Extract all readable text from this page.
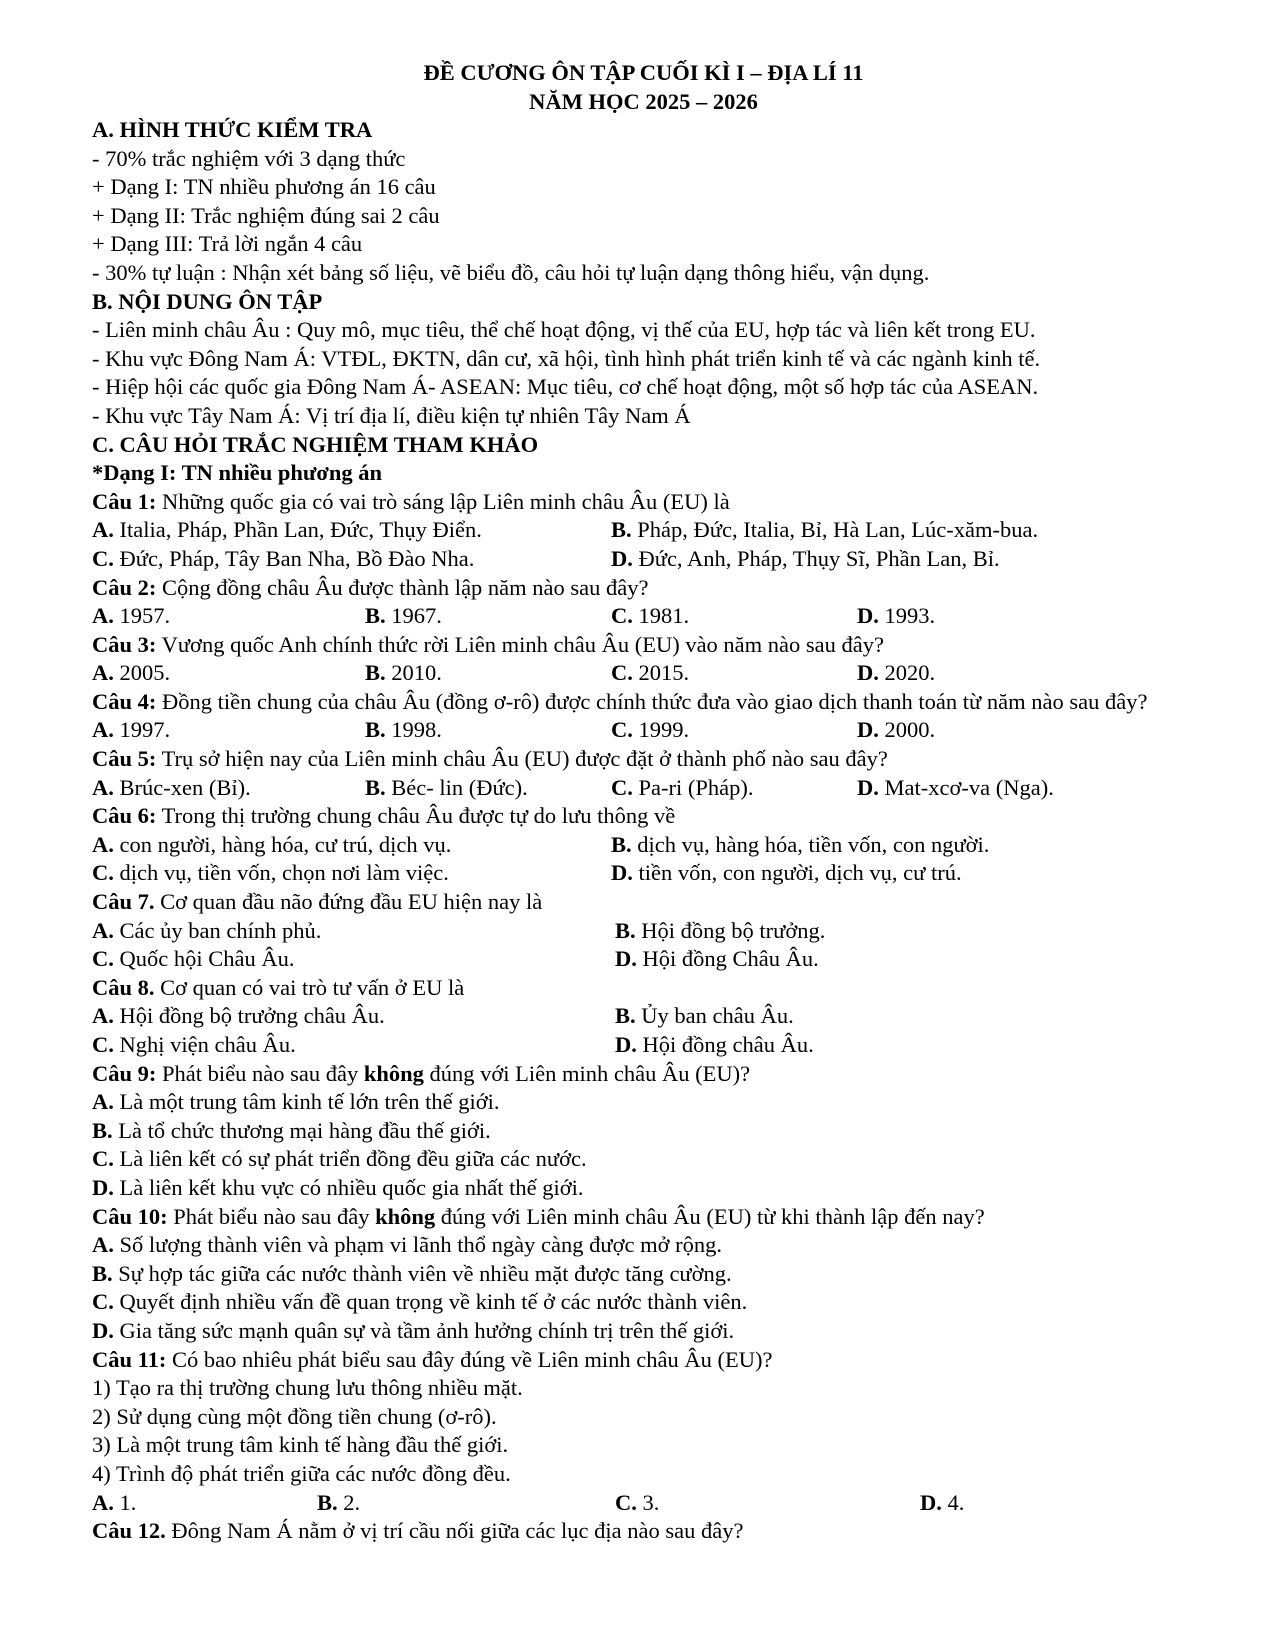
ĐỀ CƯƠNG ÔN TẬP CUỐI KÌ I – ĐỊA LÍ 11
NĂM HỌC 2025 – 2026
A. HÌNH THỨC KIỂM TRA
- 70% trắc nghiệm với 3 dạng thức
+ Dạng I: TN nhiều phương án 16 câu
+ Dạng II: Trắc nghiệm đúng sai 2 câu
+ Dạng III: Trả lời ngắn 4 câu
- 30% tự luận : Nhận xét bảng số liệu, vẽ biểu đồ, câu hỏi tự luận dạng thông hiểu, vận dụng.
B. NỘI DUNG ÔN TẬP
- Liên minh châu Âu : Quy mô, mục tiêu, thể chế hoạt động, vị thế của EU, hợp tác và liên kết trong EU.
- Khu vực Đông Nam Á: VTĐL, ĐKTN, dân cư, xã hội, tình hình phát triển kinh tế và các ngành kinh tế.
- Hiệp hội các quốc gia Đông Nam Á- ASEAN: Mục tiêu, cơ chế hoạt động, một số hợp tác của ASEAN.
- Khu vực Tây Nam Á: Vị trí địa lí, điều kiện tự nhiên Tây Nam Á
C. CÂU HỎI TRẮC NGHIỆM THAM KHẢO
*Dạng I: TN nhiều phương án
Câu 1: Những quốc gia có vai trò sáng lập Liên minh châu Âu (EU) là
A. Italia, Pháp, Phần Lan, Đức, Thụy Điển.	B. Pháp, Đức, Italia, Bỉ, Hà Lan, Lúc-xăm-bua.
C. Đức, Pháp, Tây Ban Nha, Bồ Đào Nha.	D. Đức, Anh, Pháp, Thụy Sĩ, Phần Lan, Bỉ.
Câu 2: Cộng đồng châu Âu được thành lập năm nào sau đây?
A. 1957.	B. 1967.	C. 1981.	D. 1993.
Câu 3: Vương quốc Anh chính thức rời Liên minh châu Âu (EU) vào năm nào sau đây?
A. 2005.	B. 2010.	C. 2015.	D. 2020.
Câu 4: Đồng tiền chung của châu Âu (đồng ơ-rô) được chính thức đưa vào giao dịch thanh toán từ năm nào sau đây?
A. 1997.	B. 1998.	C. 1999.	D. 2000.
Câu 5: Trụ sở hiện nay của Liên minh châu Âu (EU) được đặt ở thành phố nào sau đây?
A. Brúc-xen (Bỉ).	B. Béc- lin (Đức).	C. Pa-ri (Pháp).	D. Mat-xcơ-va (Nga).
Câu 6: Trong thị trường chung châu Âu được tự do lưu thông về
A. con người, hàng hóa, cư trú, dịch vụ.	B. dịch vụ, hàng hóa, tiền vốn, con người.
C. dịch vụ, tiền vốn, chọn nơi làm việc.	D. tiền vốn, con người, dịch vụ, cư trú.
Câu 7. Cơ quan đầu não đứng đầu EU hiện nay là
A. Các ủy ban chính phủ.	B. Hội đồng bộ trưởng.
C. Quốc hội Châu Âu.	D. Hội đồng Châu Âu.
Câu 8. Cơ quan có vai trò tư vấn ở EU là
A. Hội đồng bộ trưởng châu Âu.	B. Ủy ban châu Âu.
C. Nghị viện châu Âu.	D. Hội đồng châu Âu.
Câu 9: Phát biểu nào sau đây không đúng với Liên minh châu Âu (EU)?
A. Là một trung tâm kinh tế lớn trên thế giới.
B. Là tổ chức thương mại hàng đầu thế giới.
C. Là liên kết có sự phát triển đồng đều giữa các nước.
D. Là liên kết khu vực có nhiều quốc gia nhất thế giới.
Câu 10: Phát biểu nào sau đây không đúng với Liên minh châu Âu (EU) từ khi thành lập đến nay?
A. Số lượng thành viên và phạm vi lãnh thổ ngày càng được mở rộng.
B. Sự hợp tác giữa các nước thành viên về nhiều mặt được tăng cường.
C. Quyết định nhiều vấn đề quan trọng về kinh tế ở các nước thành viên.
D. Gia tăng sức mạnh quân sự và tầm ảnh hưởng chính trị trên thế giới.
Câu 11: Có bao nhiêu phát biểu sau đây đúng về Liên minh châu Âu (EU)?
1) Tạo ra thị trường chung lưu thông nhiều mặt.
2) Sử dụng cùng một đồng tiền chung (ơ-rô).
3) Là một trung tâm kinh tế hàng đầu thế giới.
4) Trình độ phát triển giữa các nước đồng đều.
A. 1.	B. 2.	C. 3.	D. 4.
Câu 12. Đông Nam Á nằm ở vị trí cầu nối giữa các lục địa nào sau đây?
